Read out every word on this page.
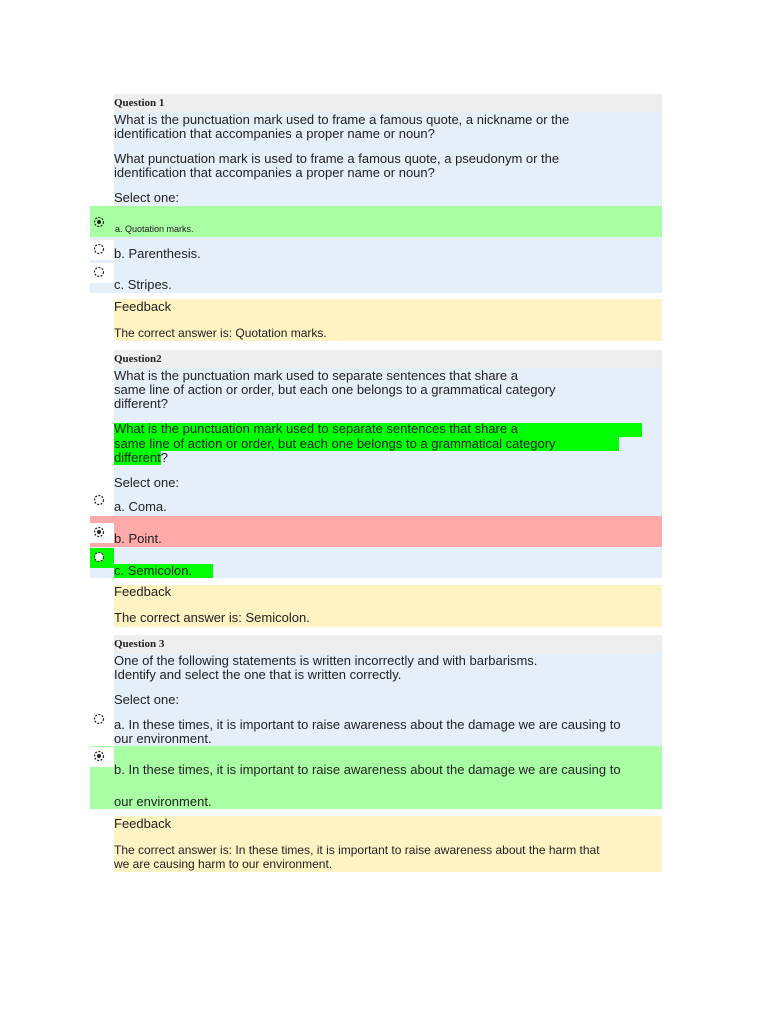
Question 1
What is the punctuation mark used to frame a famous quote, a nickname or the
identification that accompanies a proper name or noun?
What punctuation mark is used to frame a famous quote, a pseudonym or the
identification that accompanies a proper name or noun?
Select one:
a. Quotation marks.
b. Parenthesis.
c. Stripes.
Feedback
The correct answer is: Quotation marks.
Question2
What is the punctuation mark used to separate sentences that share a
same line of action or order, but each one belongs to a grammatical category
different?
What is the punctuation mark used to separate sentences that share a
same line of action or order, but each one belongs to a grammatical category
different?
Select one:
a. Coma.
b. Point.
c. Semicolon.
Feedback
The correct answer is: Semicolon.
Question 3
One of the following statements is written incorrectly and with barbarisms.
Identify and select the one that is written correctly.
Select one:
a. In these times, it is important to raise awareness about the damage we are causing to
our environment.
b. In these times, it is important to raise awareness about the damage we are causing to
our environment.
Feedback
The correct answer is: In these times, it is important to raise awareness about the harm that
we are causing harm to our environment.
